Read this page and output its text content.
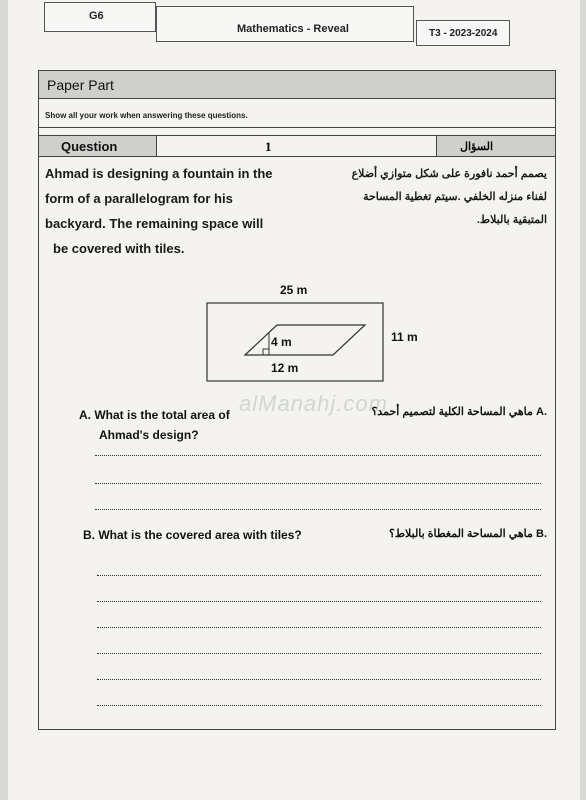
G6
Mathematics - Reveal	T3 - 2023-2024
Paper Part
Show all your work when answering these questions.
Question	1	السؤال
Ahmad is designing a fountain in the
form of a parallelogram for his
backyard. The remaining space will
be covered with tiles.
يصمم أحمد نافورة على شكل متوازي أضلاع
لفناء منزله الخلفي .سيتم تغطية المساحة
المتبقية بالبلاط.
25 m
11 m
4 m
12 m
alManahj.com
A. What is the total area of
Ahmad's design?
.A ماهي المساحة الكلية لتصميم أحمد؟
B. What is the covered area with tiles?	.B ماهي المساحة المغطاة بالبلاط؟
